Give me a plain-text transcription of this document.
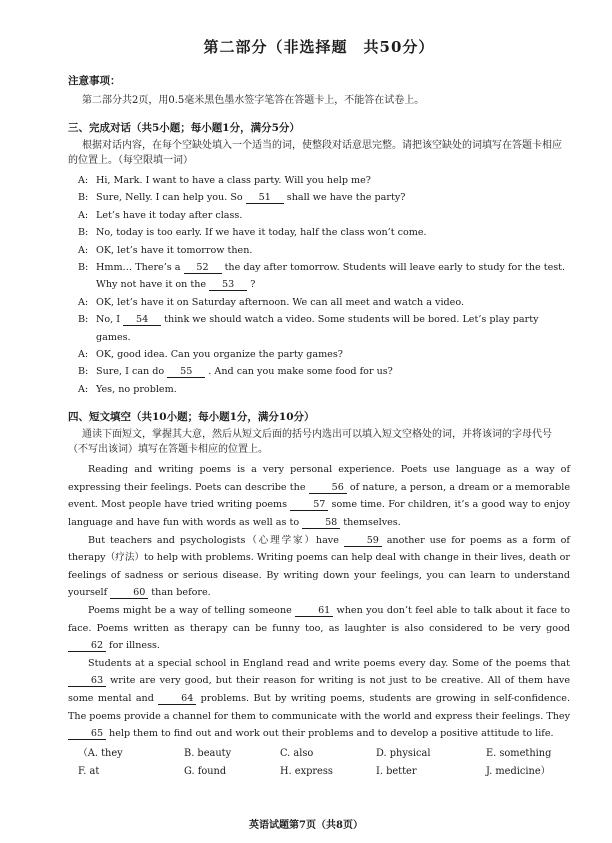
第二部分（非选择题　共50分）
注意事项：
第二部分共2页，用0.5毫米黑色墨水签字笔答在答题卡上，不能答在试卷上。
三、完成对话（共5小题；每小题1分，满分5分）
根据对话内容，在每个空缺处填入一个适当的词，使整段对话意思完整。请把该空缺处的词填写在答题卡相应的位置上。（每空限填一词）
A: Hi, Mark. I want to have a class party. Will you help me?
B: Sure, Nelly. I can help you. So 51 shall we have the party?
A: Let’s have it today after class.
B: No, today is too early. If we have it today, half the class won’t come.
A: OK, let’s have it tomorrow then.
B: Hmm… There’s a 52 the day after tomorrow. Students will leave early to study for the test. Why not have it on the 53 ?
A: OK, let’s have it on Saturday afternoon. We can all meet and watch a video.
B: No, I 54 think we should watch a video. Some students will be bored. Let’s play party games.
A: OK, good idea. Can you organize the party games?
B: Sure, I can do 55 . And can you make some food for us?
A: Yes, no problem.
四、短文填空（共10小题；每小题1分，满分10分）
通读下面短文，掌握其大意，然后从短文后面的括号内选出可以填入短文空格处的词，并将该词的字母代号（不写出该词）填写在答题卡相应的位置上。

Reading and writing poems is a very personal experience. Poets use language as a way of expressing their feelings. Poets can describe the 56 of nature, a person, a dream or a memorable event. Most people have tried writing poems 57 some time. For children, it’s a good way to enjoy language and have fun with words as well as to 58 themselves.

But teachers and psychologists（心理学家）have 59 another use for poems as a form of therapy（疗法）to help with problems. Writing poems can help deal with change in their lives, death or feelings of sadness or serious disease. By writing down your feelings, you can learn to understand yourself 60 than before.

Poems might be a way of telling someone 61 when you don’t feel able to talk about it face to face. Poems written as therapy can be funny too, as laughter is also considered to be very good 62 for illness.

Students at a special school in England read and write poems every day. Some of the poems that 63 write are very good, but their reason for writing is not just to be creative. All of them have some mental and 64 problems. But by writing poems, students are growing in self-confidence. The poems provide a channel for them to communicate with the world and express their feelings. They 65 help them to find out and work out their problems and to develop a positive attitude to life.

（A. they	B. beauty	C. also	D. physical	E. something
F. at	G. found	H. express	I. better	J. medicine）
英语试题第7页（共8页）
